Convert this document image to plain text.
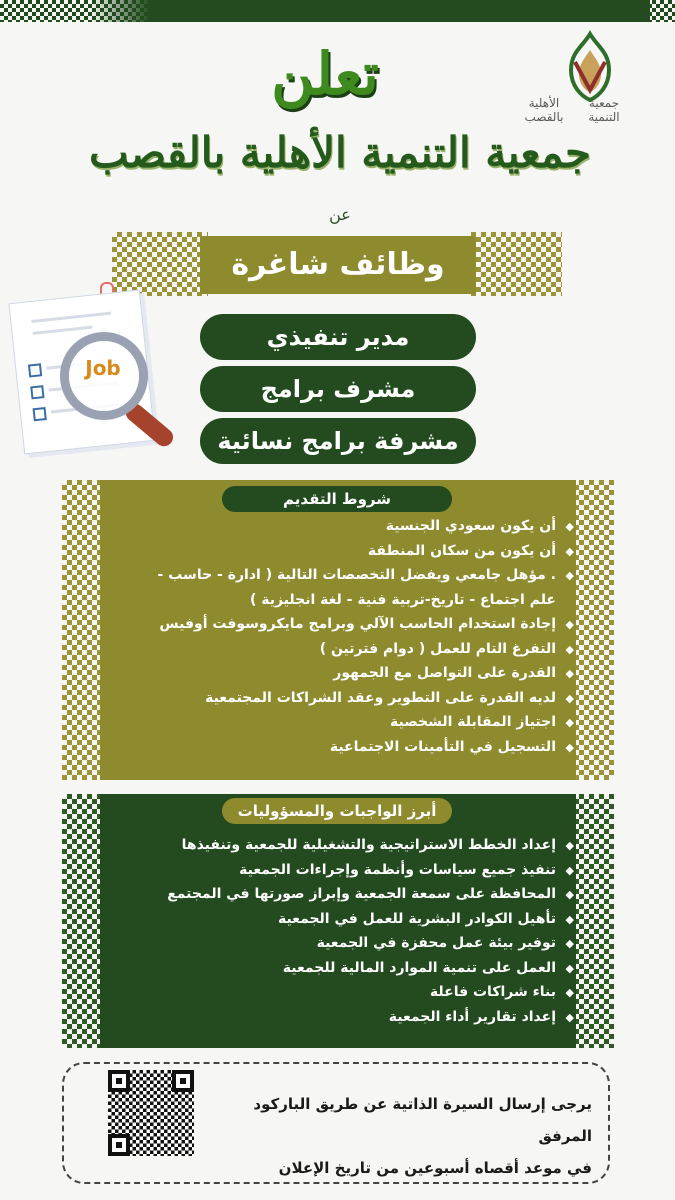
جمعية
التنميةالأهلية
بالقصب
تعلن
جمعية التنمية الأهلية بالقصب
عن
وظائف شاغرة
Job
مدير تنفيذي
مشرف برامج
مشرفة برامج نسائية
شروط التقديم
◆أن يكون سعودي الجنسية
◆أن يكون من سكان المنطقة
◆. مؤهل جامعي ويفضل التخصصات التالية ( ادارة - حاسب -
علم اجتماع - تاريخ-تربية فنية - لغة انجليزية )
◆إجادة استخدام الحاسب الآلي وبرامج مايكروسوفت أوفيس
◆التفرغ التام للعمل ( دوام فترتين )
◆القدرة على التواصل مع الجمهور
◆لديه القدرة على التطوير وعقد الشراكات المجتمعية
◆اجتياز المقابلة الشخصية
◆التسجيل في التأمينات الاجتماعية
أبرز الواجبات والمسؤوليات
◆إعداد الخطط الاستراتيجية والتشغيلية للجمعية وتنفيذها
◆تنفيذ جميع سياسات وأنظمة وإجراءات الجمعية
◆المحافظة على سمعة الجمعية وإبراز صورتها في المجتمع
◆تأهيل الكوادر البشرية للعمل في الجمعية
◆توفير بيئة عمل محفزة في الجمعية
◆العمل على تنمية الموارد المالية للجمعية
◆بناء شراكات فاعلة
◆إعداد تقارير أداء الجمعية
يرجى إرسال السيرة الذاتية عن طريق الباركود المرفق
في موعد أقصاه أسبوعين من تاريخ الإعلان
